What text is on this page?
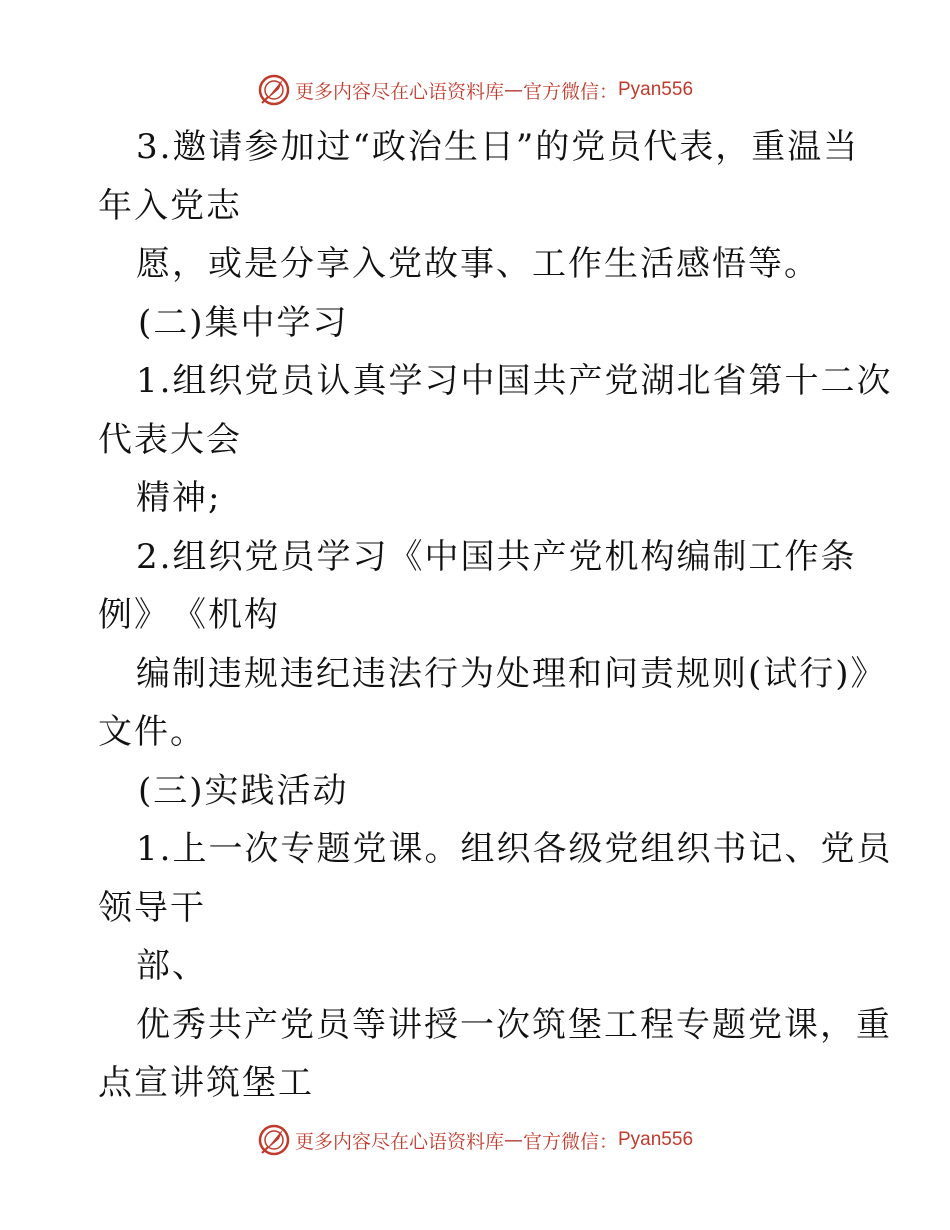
更多内容尽在心语资料库 — 官方微信： Pyan556
3.邀请参加过“政治生日”的党员代表，重温当
年入党志
愿，或是分享入党故事、工作生活感悟等。
(二)集中学习
1.组织党员认真学习中国共产党湖北省第十二次
代表大会
精神;
2.组织党员学习《中国共产党机构编制工作条
例》　《机构
编制违规违纪违法行为处理和问责规则(试行)》
文件。
(三)实践活动
1.上一次专题党课。组织各级党组织书记、党员
领导干
部、
优秀共产党员等讲授一次筑堡工程专题党课，重
点宣讲筑堡工
更多内容尽在心语资料库 — 官方微信： Pyan556
